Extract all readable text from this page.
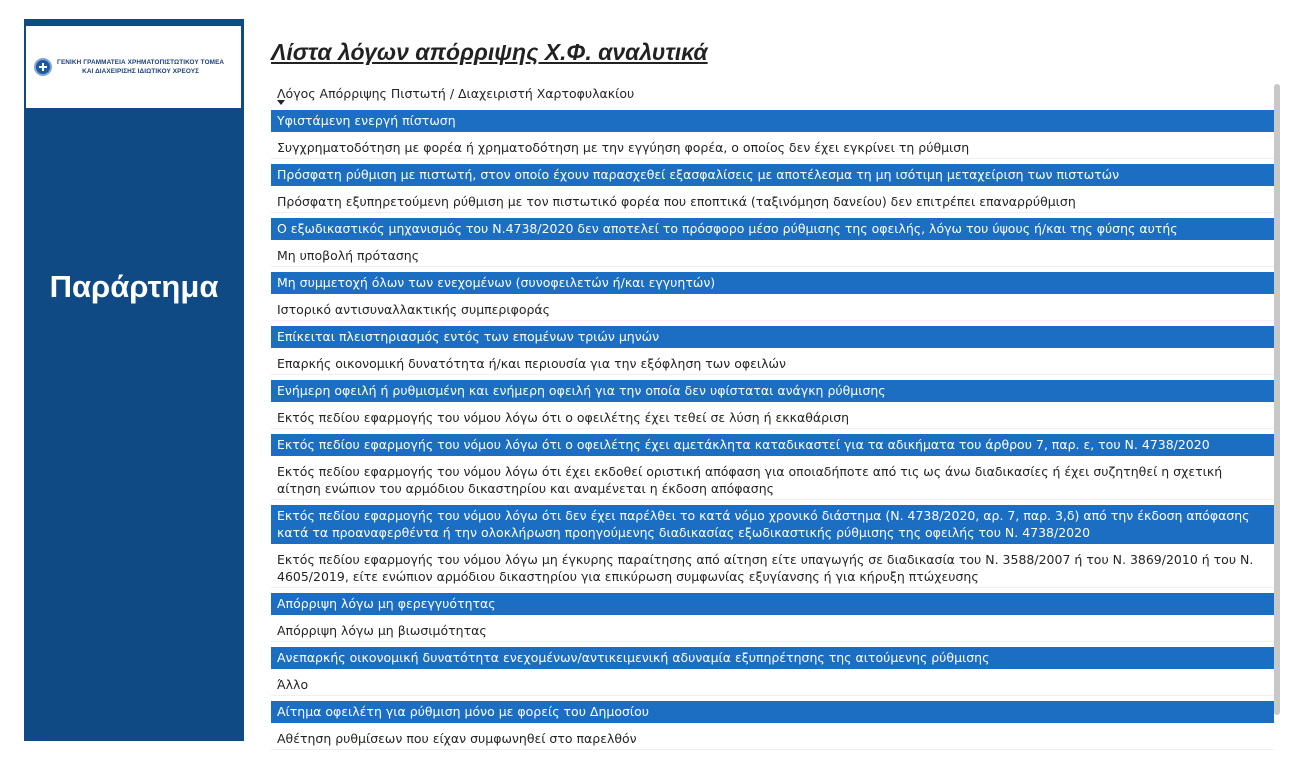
ΓΕΝΙΚΗ ΓΡΑΜΜΑΤΕΙΑ ΧΡΗΜΑΤΟΠΙΣΤΩΤΙΚΟΥ ΤΟΜΕΑ
ΚΑΙ ΔΙΑΧΕΙΡΙΣΗΣ ΙΔΙΩΤΙΚΟΥ ΧΡΕΟΥΣ
Παράρτημα
Λίστα λόγων απόρριψης Χ.Φ. αναλυτικά
Λόγος Απόρριψης Πιστωτή / Διαχειριστή Χαρτοφυλακίου
Υφιστάμενη ενεργή πίστωση
Συγχρηματοδότηση με φορέα ή χρηματοδότηση με την εγγύηση φορέα, ο οποίος δεν έχει εγκρίνει τη ρύθμιση
Πρόσφατη ρύθμιση με πιστωτή, στον οποίο έχουν παρασχεθεί εξασφαλίσεις με αποτέλεσμα τη μη ισότιμη μεταχείριση των πιστωτών
Πρόσφατη εξυπηρετούμενη ρύθμιση με τον πιστωτικό φορέα που εποπτικά (ταξινόμηση δανείου) δεν επιτρέπει επαναρρύθμιση
Ο εξωδικαστικός μηχανισμός του Ν.4738/2020 δεν αποτελεί το πρόσφορο μέσο ρύθμισης της οφειλής, λόγω του ύψους ή/και της φύσης αυτής
Μη υποβολή πρότασης
Μη συμμετοχή όλων των ενεχομένων (συνοφειλετών ή/και εγγυητών)
Ιστορικό αντισυναλλακτικής συμπεριφοράς
Επίκειται πλειστηριασμός εντός των επομένων τριών μηνών
Επαρκής οικονομική δυνατότητα ή/και περιουσία για την εξόφληση των οφειλών
Ενήμερη οφειλή ή ρυθμισμένη και ενήμερη οφειλή για την οποία δεν υφίσταται ανάγκη ρύθμισης
Εκτός πεδίου εφαρμογής του νόμου λόγω ότι ο οφειλέτης έχει τεθεί σε λύση ή εκκαθάριση
Εκτός πεδίου εφαρμογής του νόμου λόγω ότι ο οφειλέτης έχει αμετάκλητα καταδικαστεί για τα αδικήματα του άρθρου 7, παρ. ε, του Ν. 4738/2020
Εκτός πεδίου εφαρμογής του νόμου λόγω ότι έχει εκδοθεί οριστική απόφαση για οποιαδήποτε από τις ως άνω διαδικασίες ή έχει συζητηθεί η σχετική αίτηση ενώπιον του αρμόδιου δικαστηρίου και αναμένεται η έκδοση απόφασης
Εκτός πεδίου εφαρμογής του νόμου λόγω ότι δεν έχει παρέλθει το κατά νόμο χρονικό διάστημα (Ν. 4738/2020, αρ. 7, παρ. 3,δ) από την έκδοση απόφασης κατά τα προαναφερθέντα ή την ολοκλήρωση προηγούμενης διαδικασίας εξωδικαστικής ρύθμισης της οφειλής του Ν. 4738/2020
Εκτός πεδίου εφαρμογής του νόμου λόγω μη έγκυρης παραίτησης από αίτηση είτε υπαγωγής σε διαδικασία του Ν. 3588/2007 ή του Ν. 3869/2010 ή του Ν. 4605/2019, είτε ενώπιον αρμόδιου δικαστηρίου για επικύρωση συμφωνίας εξυγίανσης ή για κήρυξη πτώχευσης
Απόρριψη λόγω μη φερεγγυότητας
Απόρριψη λόγω μη βιωσιμότητας
Ανεπαρκής οικονομική δυνατότητα ενεχομένων/αντικειμενική αδυναμία εξυπηρέτησης της αιτούμενης ρύθμισης
Άλλο
Αίτημα οφειλέτη για ρύθμιση μόνο με φορείς του Δημοσίου
Αθέτηση ρυθμίσεων που είχαν συμφωνηθεί στο παρελθόν
